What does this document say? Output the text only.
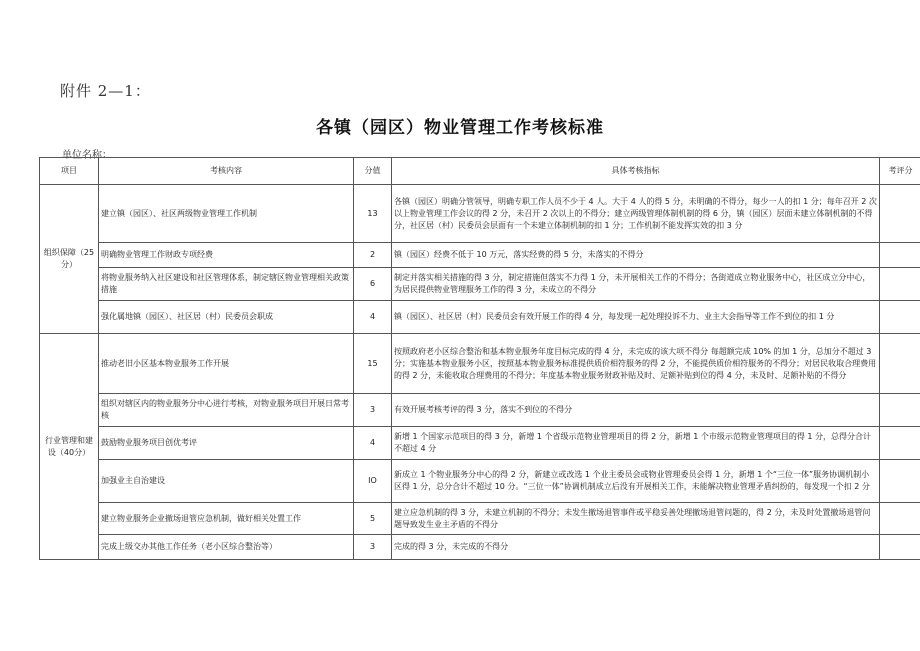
附件 2—1：
各镇（园区）物业管理工作考核标准
单位名称：
项目	考核内容	分值	具体考核指标	考评分
组织保障（25分）	建立镇（园区）、社区两级物业管理工作机制	13	各镇（园区）明确分管领导，明确专职工作人员不少于 4 人。大于 4 人的得 5 分，未明确的不得分，每少一人的扣 1 分；每年召开 2 次以上物业管理工作会议的得 2 分，未召开 2 次以上的不得分；建立两级管理体制机制的得 6 分，镇（园区）层面未建立体制机制的不得分，社区居（村）民委员会层面有一个未建立体制机制的扣 1 分；工作机制不能发挥实效的扣 3 分	
	明确物业管理工作财政专项经费	2	镇（园区）经费不低于 10 万元，落实经费的得 5 分，未落实的不得分	
	将物业服务纳入社区建设和社区管理体系，制定辖区物业管理相关政策措施	6	制定并落实相关措施的得 3 分，制定措施但落实不力得 1 分，未开展相关工作的不得分；各街道成立物业服务中心，社区成立分中心，为居民提供物业管理服务工作的得 3 分，未成立的不得分	
	强化属地镇（园区）、社区居（村）民委员会职成	4	镇（园区）、社区居（村）民委员会有效开展工作的得 4 分，每发现一起处理投诉不力、业主大会指导等工作不到位的扣 1 分	
行业管理和建设（40分）	推动老旧小区基本物业服务工作开展	15	按照政府老小区综合整治和基本物业服务年度目标完成的得 4 分，未完成的该大项不得分 每超额完成 10% 的加 1 分，总加分不超过 3 分；实施基本物业服务小区，按照基本物业服务标准提供质价相符服务的得 2 分，不能提供质价相符服务的不得分；对居民收取合理费用的得 2 分，未能收取合理费用的不得分；年度基本物业服务财政补贴及时、足额补贴到位的得 4 分，未及时、足额补贴的不得分	
	组织对辖区内的物业服务分中心进行考核，对物业服务项目开展日常考核	3	有效开展考核考评的得 3 分，落实不到位的不得分	
	鼓励物业服务项目创优考评	4	新增 1 个国家示范项目的得 3 分，新增 1 个省级示范物业管理项目的得 2 分，新增 1 个市级示范物业管理项目的得 1 分，总得分合计不超过 4 分	
	加强业主自治建设	IO	新成立 1 个物业服务分中心的得 2 分，新建立或改选 1 个业主委员会或物业管理委员会得 1 分，新增 1 个“三位一体”服务协调机制小区得 1 分，总分合计不超过 10 分。“三位一体”协调机制成立后没有开展相关工作，未能解决物业管理矛盾纠纷的，每发现一个扣 2 分	
	建立物业服务企业撤场退管应急机制，做好相关处置工作	5	建立应急机制的得 3 分，未建立机制的不得分；未发生撤场退管事件或平稳妥善处理撤场退管问题的，得 2 分，未及时处置撤场退管问题导致发生业主矛盾的不得分	
	完成上级交办其他工作任务（老小区综合整治等）	3	完成的得 3 分，未完成的不得分	
